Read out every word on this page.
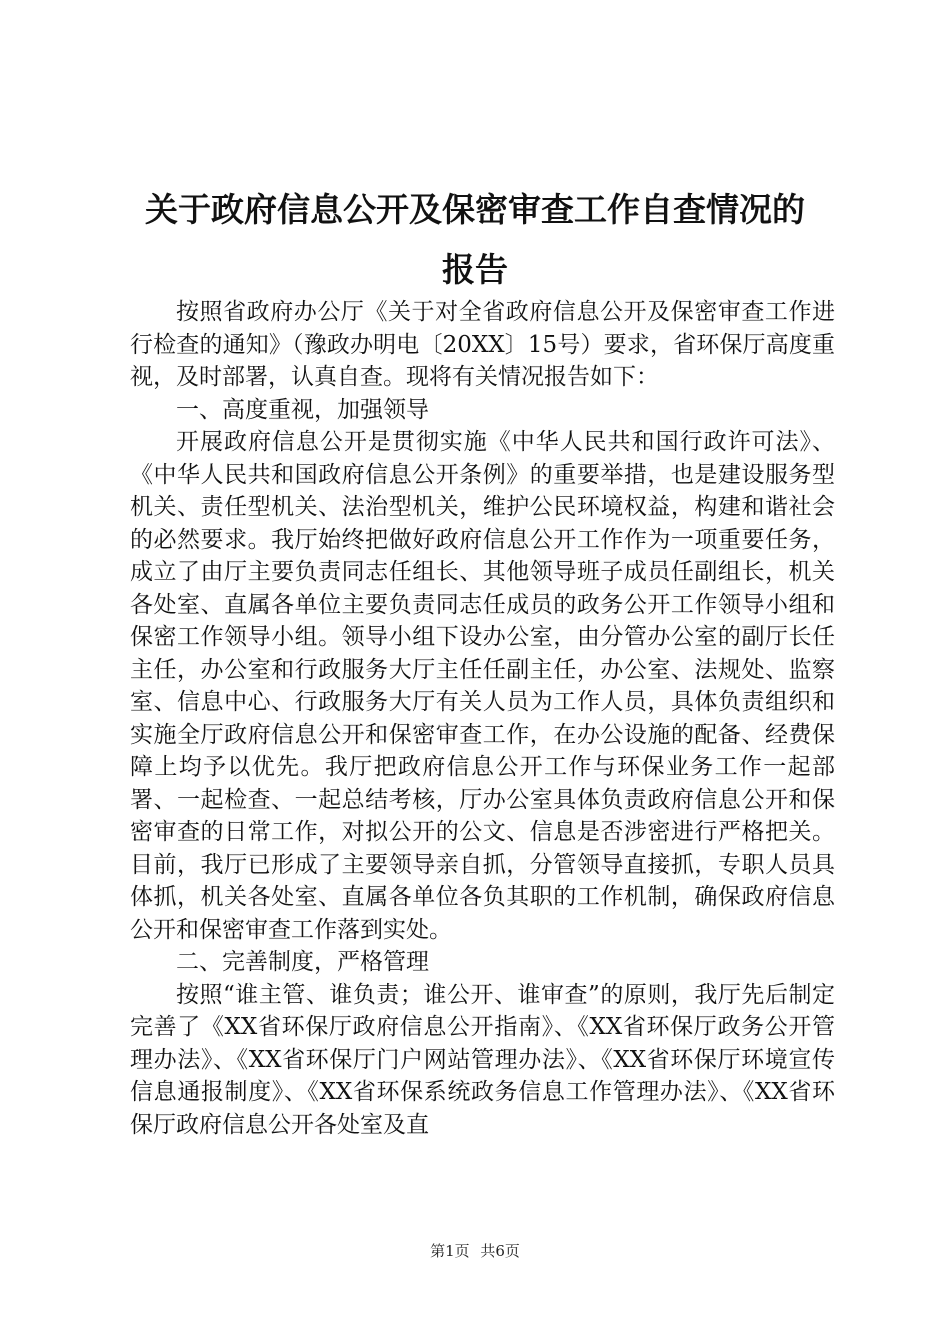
关于政府信息公开及保密审查工作自查情况的
报告

按照省政府办公厅《关于对全省政府信息公开及保密审查工作进行检查的通知》（豫政办明电〔20XX〕15号）要求，省环保厅高度重视，及时部署，认真自查。现将有关情况报告如下：

一、高度重视，加强领导

开展政府信息公开是贯彻实施《中华人民共和国行政许可法》、《中华人民共和国政府信息公开条例》的重要举措，也是建设服务型机关、责任型机关、法治型机关，维护公民环境权益，构建和谐社会的必然要求。我厅始终把做好政府信息公开工作作为一项重要任务，成立了由厅主要负责同志任组长、其他领导班子成员任副组长，机关各处室、直属各单位主要负责同志任成员的政务公开工作领导小组和保密工作领导小组。领导小组下设办公室，由分管办公室的副厅长任主任，办公室和行政服务大厅主任任副主任，办公室、法规处、监察室、信息中心、行政服务大厅有关人员为工作人员，具体负责组织和实施全厅政府信息公开和保密审查工作，在办公设施的配备、经费保障上均予以优先。我厅把政府信息公开工作与环保业务工作一起部署、一起检查、一起总结考核，厅办公室具体负责政府信息公开和保密审查的日常工作，对拟公开的公文、信息是否涉密进行严格把关。目前，我厅已形成了主要领导亲自抓，分管领导直接抓，专职人员具体抓，机关各处室、直属各单位各负其职的工作机制，确保政府信息公开和保密审查工作落到实处。

二、完善制度，严格管理

按照“谁主管、谁负责；谁公开、谁审查”的原则，我厅先后制定完善了《XX省环保厅政府信息公开指南》、《XX省环保厅政务公开管理办法》、《XX省环保厅门户网站管理办法》、《XX省环保厅环境宣传信息通报制度》、《XX省环保系统政务信息工作管理办法》、《XX省环保厅政府信息公开各处室及直

第1页 共6页
